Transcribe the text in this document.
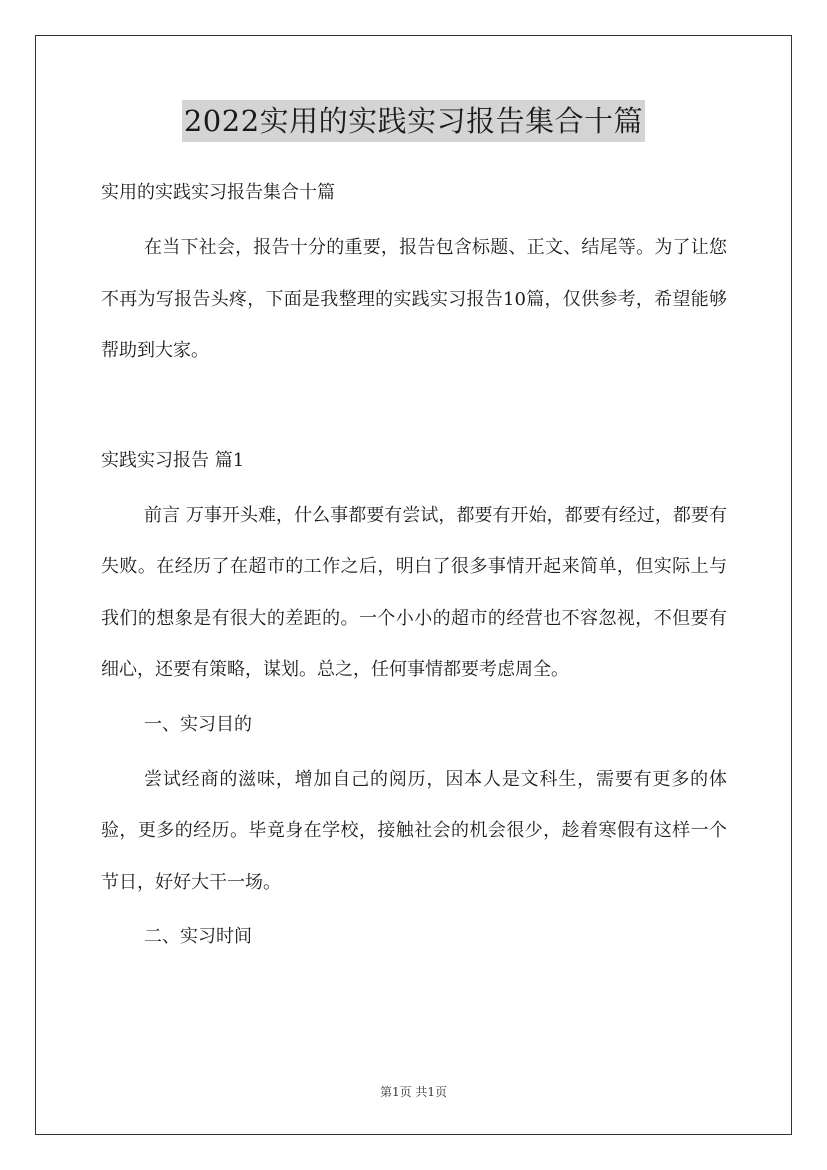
2022实用的实践实习报告集合十篇
实用的实践实习报告集合十篇

在当下社会，报告十分的重要，报告包含标题、正文、结尾等。为了让您不再为写报告头疼，下面是我整理的实践实习报告10篇，仅供参考，希望能够帮助到大家。

实践实习报告 篇1

前言 万事开头难，什么事都要有尝试，都要有开始，都要有经过，都要有失败。在经历了在超市的工作之后，明白了很多事情开起来简单，但实际上与我们的想象是有很大的差距的。一个小小的超市的经营也不容忽视，不但要有细心，还要有策略，谋划。总之，任何事情都要考虑周全。

一、实习目的

尝试经商的滋味，增加自己的阅历，因本人是文科生，需要有更多的体验，更多的经历。毕竟身在学校，接触社会的机会很少，趁着寒假有这样一个节日，好好大干一场。

二、实习时间
第1页 共1页
